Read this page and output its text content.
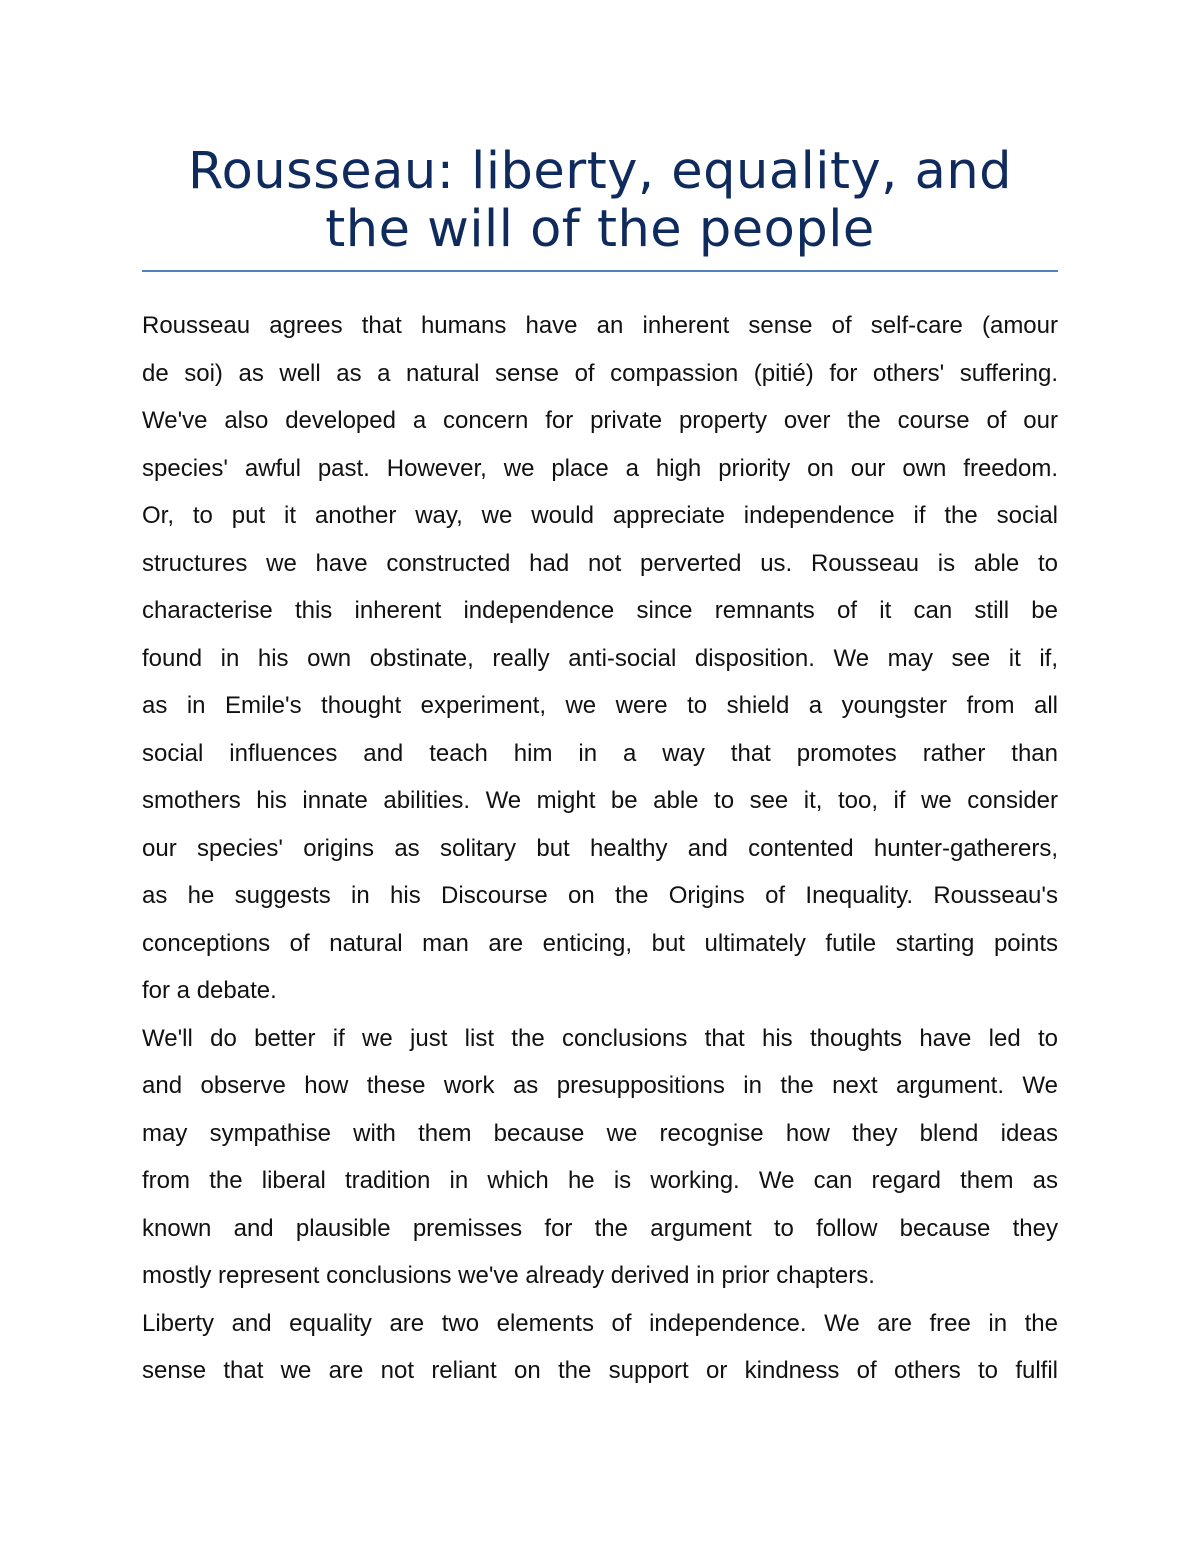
Rousseau: liberty, equality, and
the will of the people

Rousseau agrees that humans have an inherent sense of self-care (amour
de soi) as well as a natural sense of compassion (pitié) for others' suffering.
We've also developed a concern for private property over the course of our
species' awful past. However, we place a high priority on our own freedom.
Or, to put it another way, we would appreciate independence if the social
structures we have constructed had not perverted us. Rousseau is able to
characterise this inherent independence since remnants of it can still be
found in his own obstinate, really anti-social disposition. We may see it if,
as in Emile's thought experiment, we were to shield a youngster from all
social influences and teach him in a way that promotes rather than
smothers his innate abilities. We might be able to see it, too, if we consider
our species' origins as solitary but healthy and contented hunter-gatherers,
as he suggests in his Discourse on the Origins of Inequality. Rousseau's
conceptions of natural man are enticing, but ultimately futile starting points
for a debate.

We'll do better if we just list the conclusions that his thoughts have led to
and observe how these work as presuppositions in the next argument. We
may sympathise with them because we recognise how they blend ideas
from the liberal tradition in which he is working. We can regard them as
known and plausible premisses for the argument to follow because they
mostly represent conclusions we've already derived in prior chapters.

Liberty and equality are two elements of independence. We are free in the
sense that we are not reliant on the support or kindness of others to fulfil
